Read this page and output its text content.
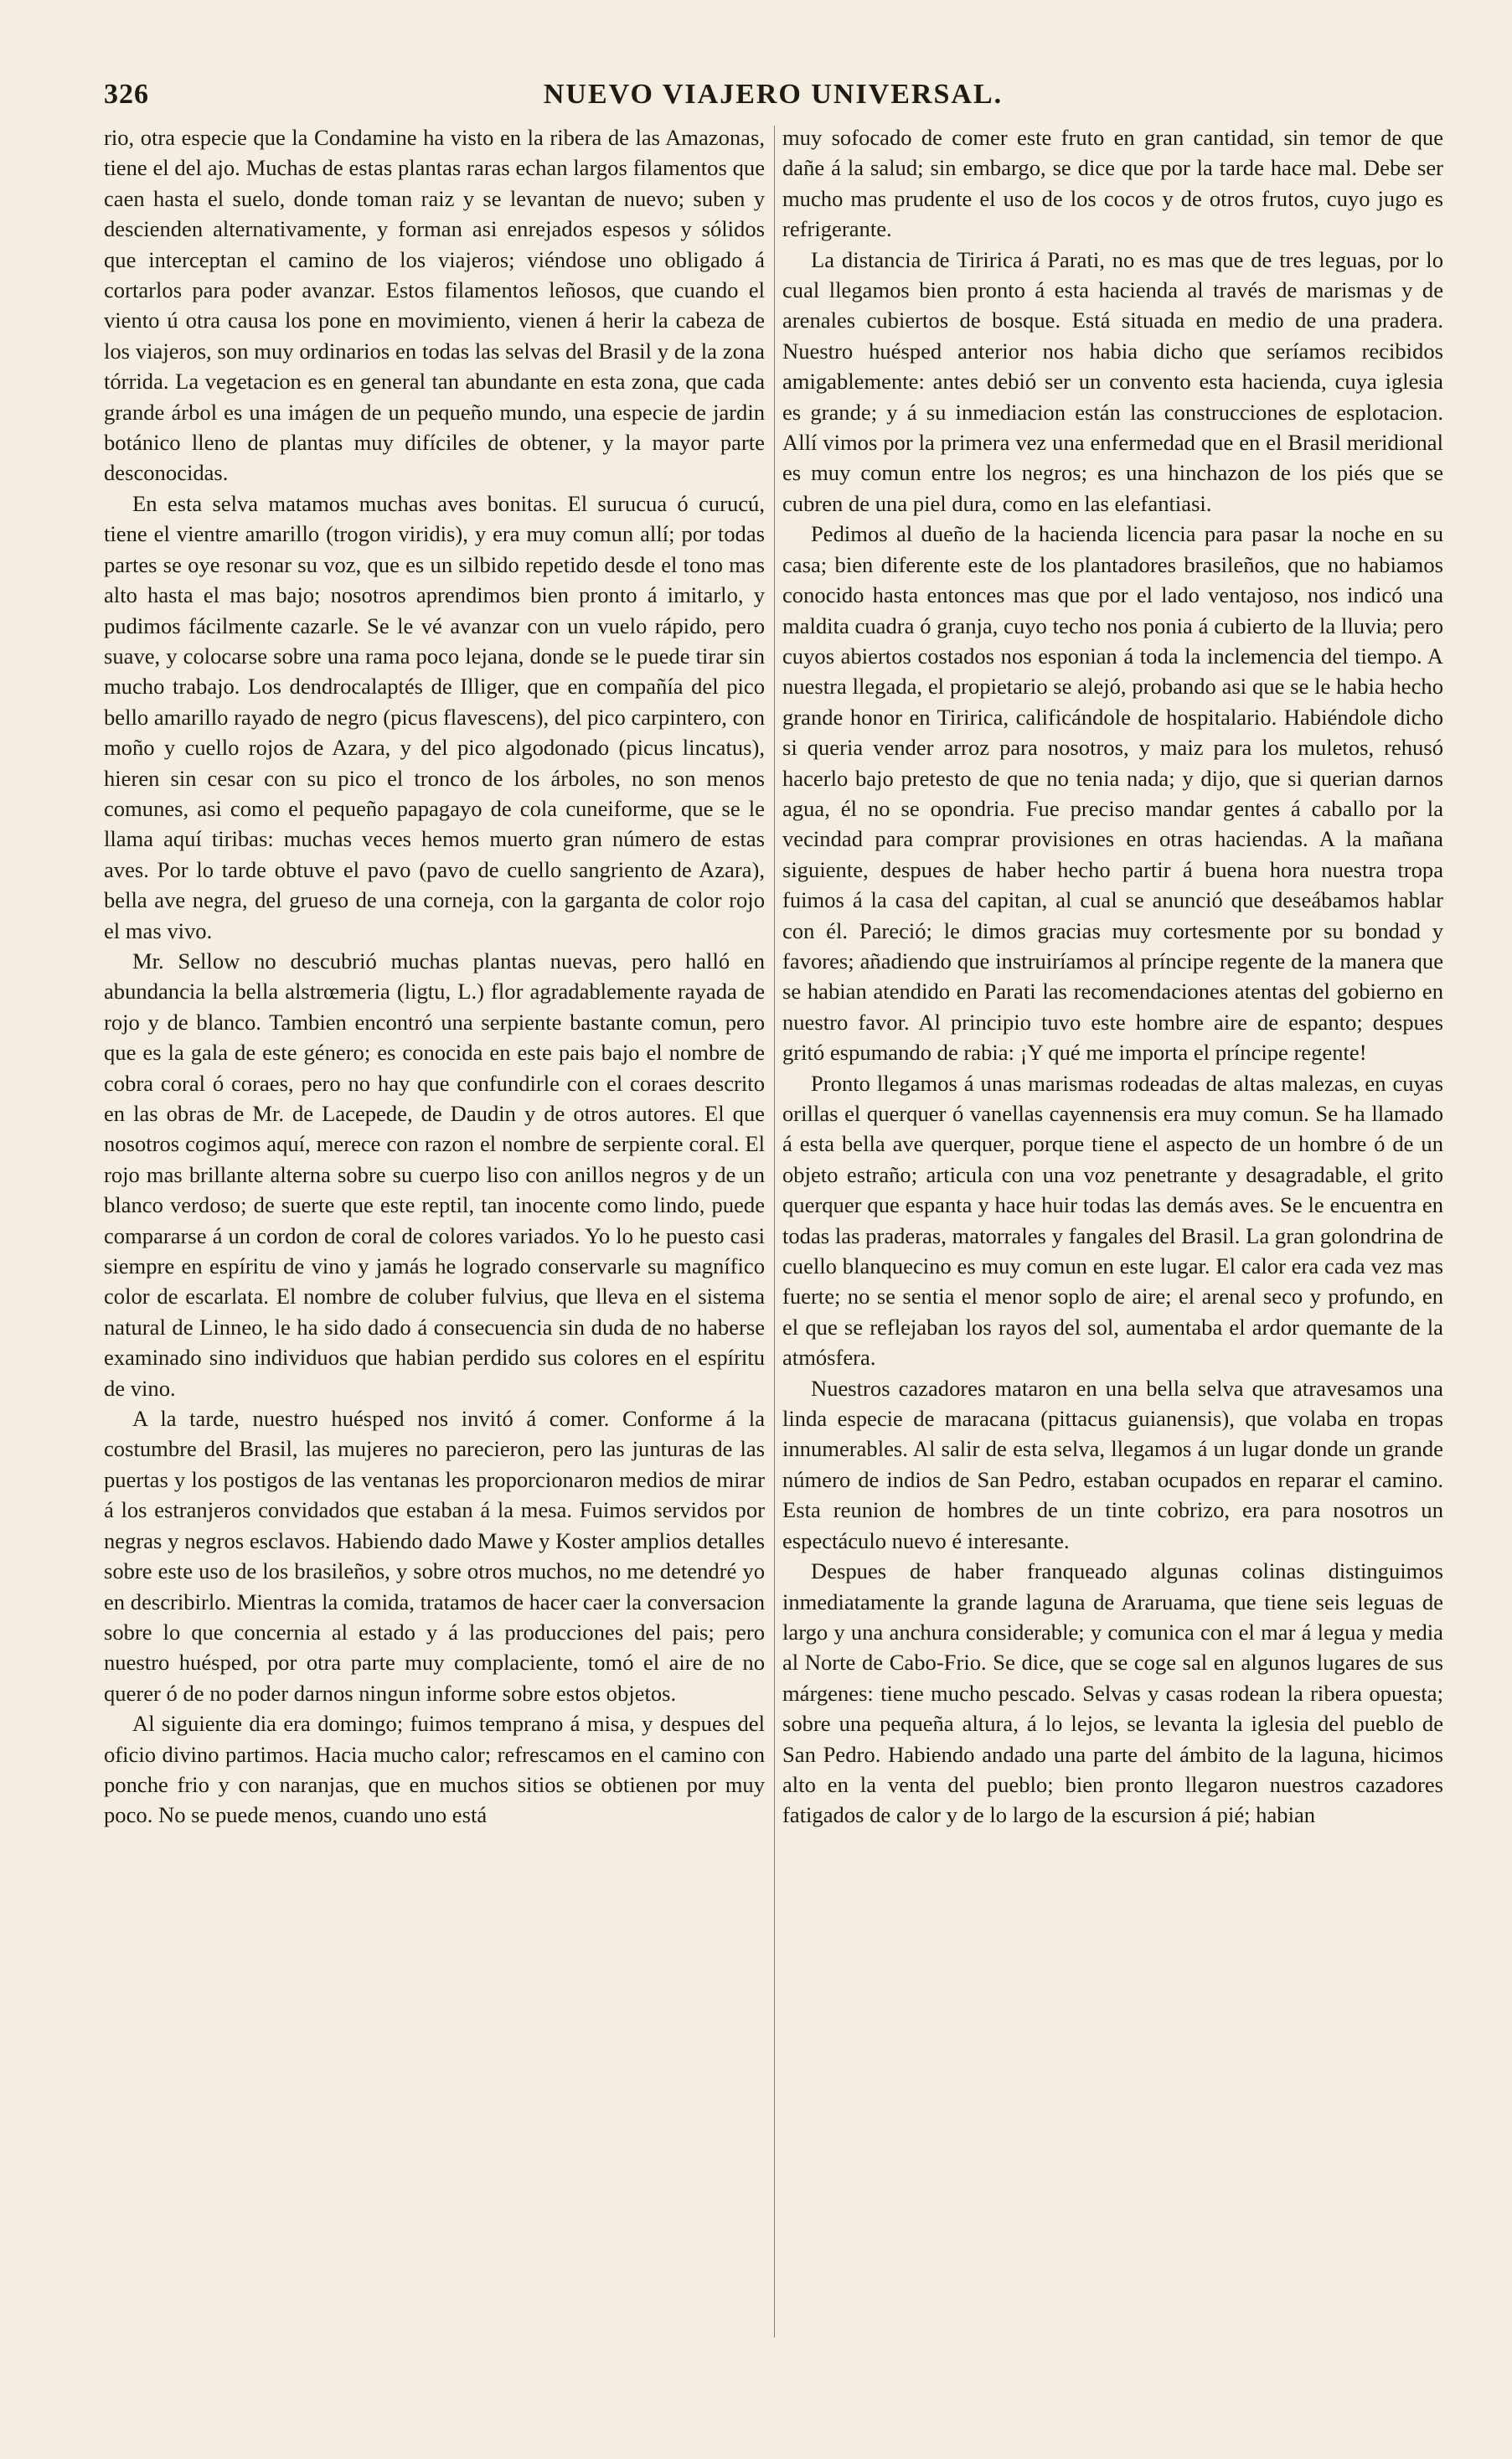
326	NUEVO VIAJERO UNIVERSAL.

rio, otra especie que la Condamine ha visto en la ribera de las Amazonas, tiene el del ajo. Muchas de estas plantas raras echan largos filamentos que caen hasta el suelo, donde toman raiz y se levantan de nuevo; suben y descienden alternativamente, y forman asi enrejados espesos y sólidos que interceptan el camino de los viajeros; viéndose uno obligado á cortarlos para poder avanzar. Estos filamentos leñosos, que cuando el viento ú otra causa los pone en movimiento, vienen á herir la cabeza de los viajeros, son muy ordinarios en todas las selvas del Brasil y de la zona tórrida. La vegetacion es en general tan abundante en esta zona, que cada grande árbol es una imágen de un pequeño mundo, una especie de jardin botánico lleno de plantas muy difíciles de obtener, y la mayor parte desconocidas.

En esta selva matamos muchas aves bonitas. El surucua ó curucú, tiene el vientre amarillo (trogon viridis), y era muy comun allí; por todas partes se oye resonar su voz, que es un silbido repetido desde el tono mas alto hasta el mas bajo; nosotros aprendimos bien pronto á imitarlo, y pudimos fácilmente cazarle. Se le vé avanzar con un vuelo rápido, pero suave, y colocarse sobre una rama poco lejana, donde se le puede tirar sin mucho trabajo. Los dendrocalaptés de Illiger, que en compañía del pico bello amarillo rayado de negro (picus flavescens), del pico carpintero, con moño y cuello rojos de Azara, y del pico algodonado (picus lincatus), hieren sin cesar con su pico el tronco de los árboles, no son menos comunes, asi como el pequeño papagayo de cola cuneiforme, que se le llama aquí tiribas: muchas veces hemos muerto gran número de estas aves. Por lo tarde obtuve el pavo (pavo de cuello sangriento de Azara), bella ave negra, del grueso de una corneja, con la garganta de color rojo el mas vivo.

Mr. Sellow no descubrió muchas plantas nuevas, pero halló en abundancia la bella alstrœmeria (ligtu, L.) flor agradablemente rayada de rojo y de blanco. Tambien encontró una serpiente bastante comun, pero que es la gala de este género; es conocida en este pais bajo el nombre de cobra coral ó coraes, pero no hay que confundirle con el coraes descrito en las obras de Mr. de Lacepede, de Daudin y de otros autores. El que nosotros cogimos aquí, merece con razon el nombre de serpiente coral. El rojo mas brillante alterna sobre su cuerpo liso con anillos negros y de un blanco verdoso; de suerte que este reptil, tan inocente como lindo, puede compararse á un cordon de coral de colores variados. Yo lo he puesto casi siempre en espíritu de vino y jamás he logrado conservarle su magnífico color de escarlata. El nombre de coluber fulvius, que lleva en el sistema natural de Linneo, le ha sido dado á consecuencia sin duda de no haberse examinado sino individuos que habian perdido sus colores en el espíritu de vino.

A la tarde, nuestro huésped nos invitó á comer. Conforme á la costumbre del Brasil, las mujeres no parecieron, pero las junturas de las puertas y los postigos de las ventanas les proporcionaron medios de mirar á los estranjeros convidados que estaban á la mesa. Fuimos servidos por negras y negros esclavos. Habiendo dado Mawe y Koster amplios detalles sobre este uso de los brasileños, y sobre otros muchos, no me detendré yo en describirlo. Mientras la comida, tratamos de hacer caer la conversacion sobre lo que concernia al estado y á las producciones del pais; pero nuestro huésped, por otra parte muy complaciente, tomó el aire de no querer ó de no poder darnos ningun informe sobre estos objetos.

Al siguiente dia era domingo; fuimos temprano á misa, y despues del oficio divino partimos. Hacia mucho calor; refrescamos en el camino con ponche frio y con naranjas, que en muchos sitios se obtienen por muy poco. No se puede menos, cuando uno está

muy sofocado de comer este fruto en gran cantidad, sin temor de que dañe á la salud; sin embargo, se dice que por la tarde hace mal. Debe ser mucho mas prudente el uso de los cocos y de otros frutos, cuyo jugo es refrigerante.

La distancia de Tiririca á Parati, no es mas que de tres leguas, por lo cual llegamos bien pronto á esta hacienda al través de marismas y de arenales cubiertos de bosque. Está situada en medio de una pradera. Nuestro huésped anterior nos habia dicho que seríamos recibidos amigablemente: antes debió ser un convento esta hacienda, cuya iglesia es grande; y á su inmediacion están las construcciones de esplotacion. Allí vimos por la primera vez una enfermedad que en el Brasil meridional es muy comun entre los negros; es una hinchazon de los piés que se cubren de una piel dura, como en las elefantiasi.

Pedimos al dueño de la hacienda licencia para pasar la noche en su casa; bien diferente este de los plantadores brasileños, que no habiamos conocido hasta entonces mas que por el lado ventajoso, nos indicó una maldita cuadra ó granja, cuyo techo nos ponia á cubierto de la lluvia; pero cuyos abiertos costados nos esponian á toda la inclemencia del tiempo. A nuestra llegada, el propietario se alejó, probando asi que se le habia hecho grande honor en Tiririca, calificándole de hospitalario. Habiéndole dicho si queria vender arroz para nosotros, y maiz para los muletos, rehusó hacerlo bajo pretesto de que no tenia nada; y dijo, que si querian darnos agua, él no se opondria. Fue preciso mandar gentes á caballo por la vecindad para comprar provisiones en otras haciendas. A la mañana siguiente, despues de haber hecho partir á buena hora nuestra tropa fuimos á la casa del capitan, al cual se anunció que deseábamos hablar con él. Pareció; le dimos gracias muy cortesmente por su bondad y favores; añadiendo que instruiríamos al príncipe regente de la manera que se habian atendido en Parati las recomendaciones atentas del gobierno en nuestro favor. Al principio tuvo este hombre aire de espanto; despues gritó espumando de rabia: ¡Y qué me importa el príncipe regente!

Pronto llegamos á unas marismas rodeadas de altas malezas, en cuyas orillas el querquer ó vanellas cayennensis era muy comun. Se ha llamado á esta bella ave querquer, porque tiene el aspecto de un hombre ó de un objeto estraño; articula con una voz penetrante y desagradable, el grito querquer que espanta y hace huir todas las demás aves. Se le encuentra en todas las praderas, matorrales y fangales del Brasil. La gran golondrina de cuello blanquecino es muy comun en este lugar. El calor era cada vez mas fuerte; no se sentia el menor soplo de aire; el arenal seco y profundo, en el que se reflejaban los rayos del sol, aumentaba el ardor quemante de la atmósfera.

Nuestros cazadores mataron en una bella selva que atravesamos una linda especie de maracana (pittacus guianensis), que volaba en tropas innumerables. Al salir de esta selva, llegamos á un lugar donde un grande número de indios de San Pedro, estaban ocupados en reparar el camino. Esta reunion de hombres de un tinte cobrizo, era para nosotros un espectáculo nuevo é interesante.

Despues de haber franqueado algunas colinas distinguimos inmediatamente la grande laguna de Araruama, que tiene seis leguas de largo y una anchura considerable; y comunica con el mar á legua y media al Norte de Cabo-Frio. Se dice, que se coge sal en algunos lugares de sus márgenes: tiene mucho pescado. Selvas y casas rodean la ribera opuesta; sobre una pequeña altura, á lo lejos, se levanta la iglesia del pueblo de San Pedro. Habiendo andado una parte del ámbito de la laguna, hicimos alto en la venta del pueblo; bien pronto llegaron nuestros cazadores fatigados de calor y de lo largo de la escursion á pié; habian
